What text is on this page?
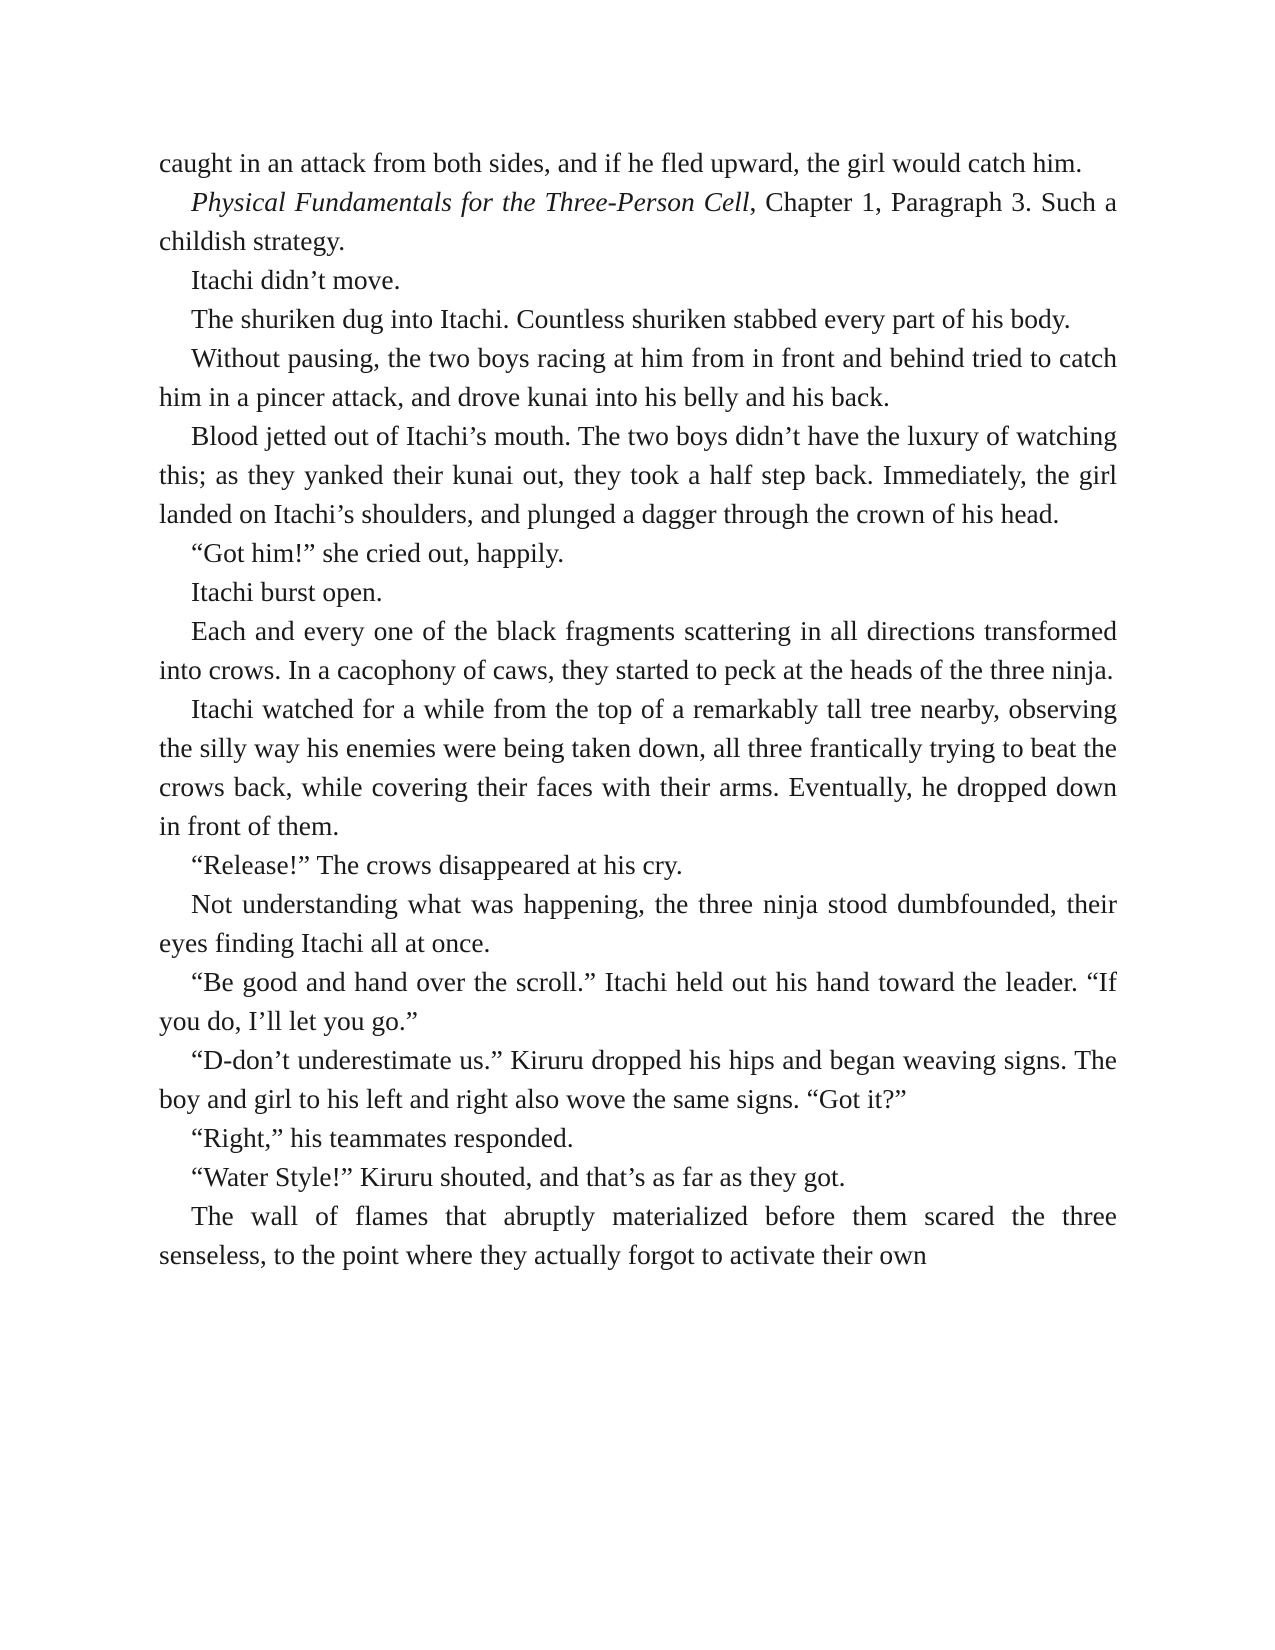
caught in an attack from both sides, and if he fled upward, the girl would catch him.

Physical Fundamentals for the Three-Person Cell, Chapter 1, Paragraph 3. Such a childish strategy.

Itachi didn’t move.

The shuriken dug into Itachi. Countless shuriken stabbed every part of his body.

Without pausing, the two boys racing at him from in front and behind tried to catch him in a pincer attack, and drove kunai into his belly and his back.

Blood jetted out of Itachi’s mouth. The two boys didn’t have the luxury of watching this; as they yanked their kunai out, they took a half step back. Immediately, the girl landed on Itachi’s shoulders, and plunged a dagger through the crown of his head.

“Got him!” she cried out, happily.

Itachi burst open.

Each and every one of the black fragments scattering in all directions transformed into crows. In a cacophony of caws, they started to peck at the heads of the three ninja.

Itachi watched for a while from the top of a remarkably tall tree nearby, observing the silly way his enemies were being taken down, all three frantically trying to beat the crows back, while covering their faces with their arms. Eventually, he dropped down in front of them.

“Release!” The crows disappeared at his cry.

Not understanding what was happening, the three ninja stood dumbfounded, their eyes finding Itachi all at once.

“Be good and hand over the scroll.” Itachi held out his hand toward the leader. “If you do, I’ll let you go.”

“D-don’t underestimate us.” Kiruru dropped his hips and began weaving signs. The boy and girl to his left and right also wove the same signs. “Got it?”

“Right,” his teammates responded.

“Water Style!” Kiruru shouted, and that’s as far as they got.

The wall of flames that abruptly materialized before them scared the three senseless, to the point where they actually forgot to activate their own
